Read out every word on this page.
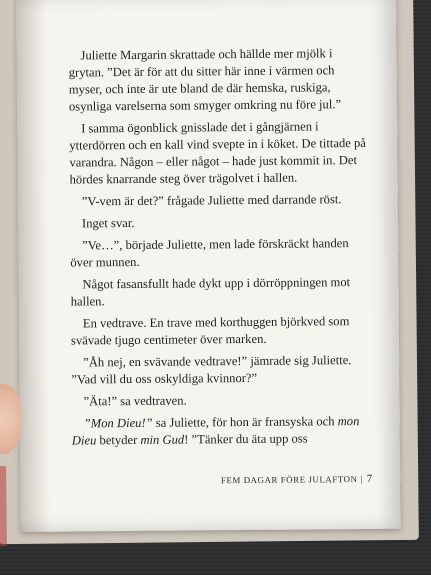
Juliette Margarin skrattade och hällde mer mjölk i grytan. ”Det är för att du sitter här inne i värmen och myser, och inte är ute bland de där hemska, ruskiga, osynliga varelserna som smyger omkring nu före jul.”

I samma ögonblick gnisslade det i gångjärnen i ytterdörren och en kall vind svepte in i köket. De tittade på varandra. Någon – eller något – hade just kommit in. Det hördes knarrande steg över trägolvet i hallen.

”V-vem är det?” frågade Juliette med darrande röst.

Inget svar.

”Ve…”, började Juliette, men lade förskräckt handen över munnen.

Något fasansfullt hade dykt upp i dörröppningen mot hallen.

En vedtrave. En trave med korthuggen björkved som svävade tjugo centimeter över marken.

”Åh nej, en svävande vedtrave!” jämrade sig Juliette. ”Vad vill du oss oskyldiga kvinnor?”

”Äta!” sa vedtraven.

”Mon Dieu!” sa Juliette, för hon är fransyska och mon Dieu betyder min Gud! ”Tänker du äta upp oss

FEM DAGAR FÖRE JULAFTON | 7
